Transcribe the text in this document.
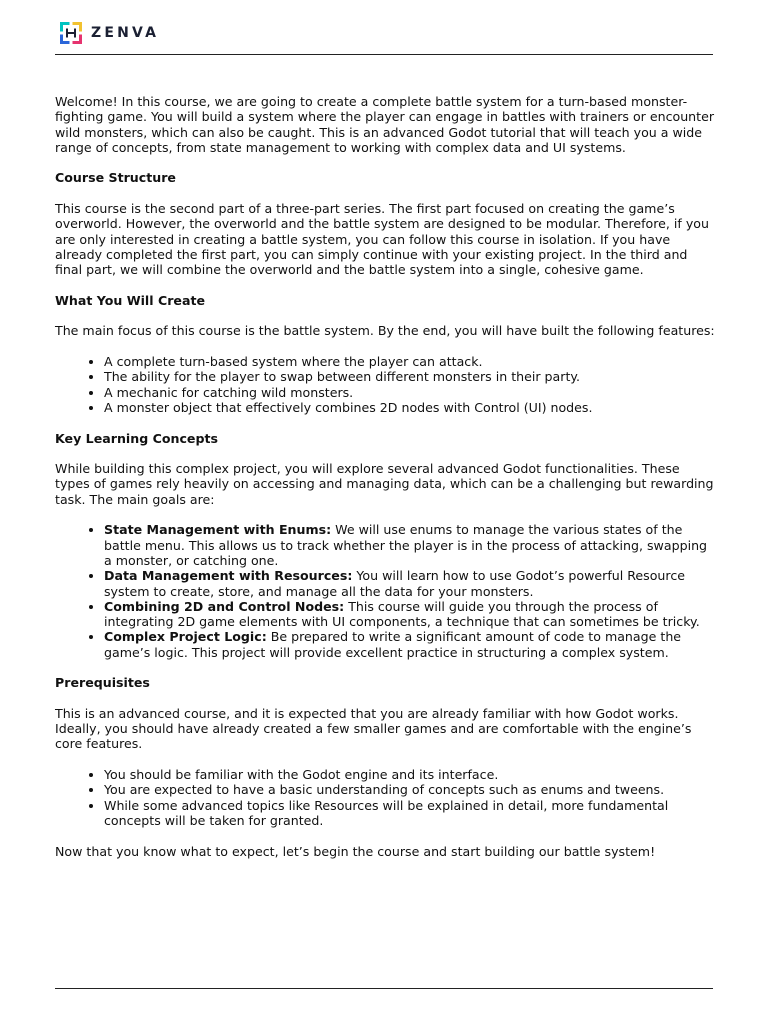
ZENVA

Welcome! In this course, we are going to create a complete battle system for a turn-based monster-fighting game. You will build a system where the player can engage in battles with trainers or encounter wild monsters, which can also be caught. This is an advanced Godot tutorial that will teach you a wide range of concepts, from state management to working with complex data and UI systems.

Course Structure

This course is the second part of a three-part series. The first part focused on creating the game’s overworld. However, the overworld and the battle system are designed to be modular. Therefore, if you are only interested in creating a battle system, you can follow this course in isolation. If you have already completed the first part, you can simply continue with your existing project. In the third and final part, we will combine the overworld and the battle system into a single, cohesive game.

What You Will Create

The main focus of this course is the battle system. By the end, you will have built the following features:

• A complete turn-based system where the player can attack.
• The ability for the player to swap between different monsters in their party.
• A mechanic for catching wild monsters.
• A monster object that effectively combines 2D nodes with Control (UI) nodes.
Key Learning Concepts

While building this complex project, you will explore several advanced Godot functionalities. These types of games rely heavily on accessing and managing data, which can be a challenging but rewarding task. The main goals are:

• State Management with Enums: We will use enums to manage the various states of the battle menu. This allows us to track whether the player is in the process of attacking, swapping a monster, or catching one.
• Data Management with Resources: You will learn how to use Godot’s powerful Resource system to create, store, and manage all the data for your monsters.
• Combining 2D and Control Nodes: This course will guide you through the process of integrating 2D game elements with UI components, a technique that can sometimes be tricky.
• Complex Project Logic: Be prepared to write a significant amount of code to manage the game’s logic. This project will provide excellent practice in structuring a complex system.
Prerequisites

This is an advanced course, and it is expected that you are already familiar with how Godot works. Ideally, you should have already created a few smaller games and are comfortable with the engine’s core features.

• You should be familiar with the Godot engine and its interface.
• You are expected to have a basic understanding of concepts such as enums and tweens.
• While some advanced topics like Resources will be explained in detail, more fundamental concepts will be taken for granted.

Now that you know what to expect, let’s begin the course and start building our battle system!
